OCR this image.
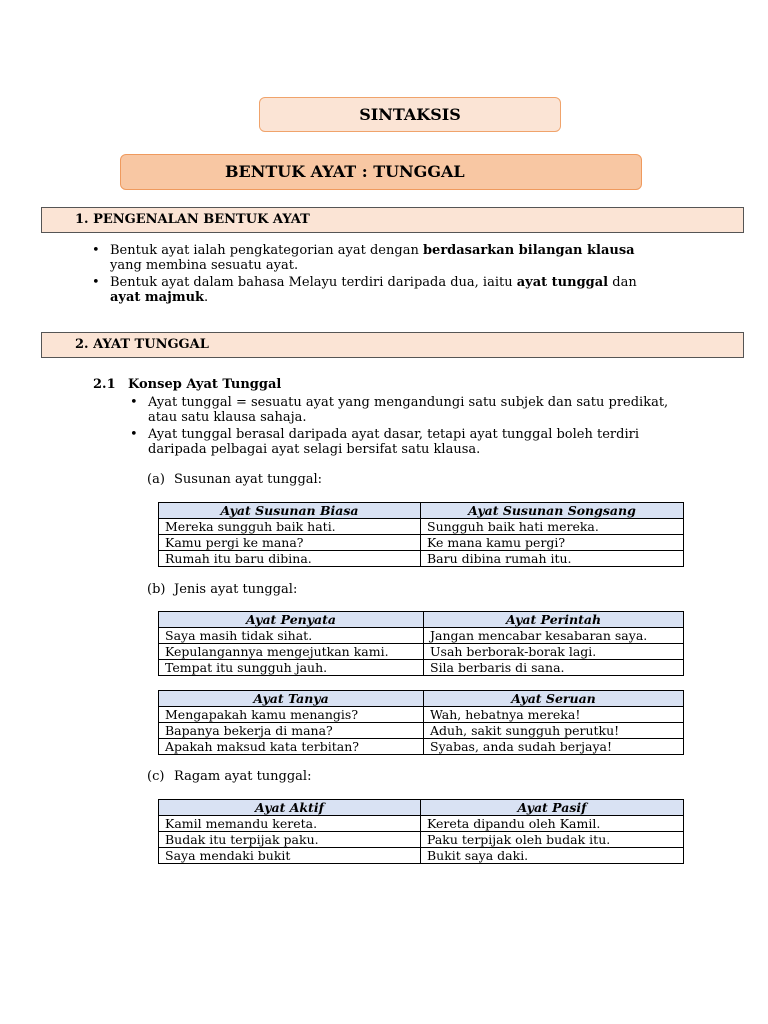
SINTAKSIS
BENTUK AYAT : TUNGGAL
1. PENGENALAN BENTUK AYAT
• Bentuk ayat ialah pengkategorian ayat dengan berdasarkan bilangan klausa yang membina sesuatu ayat.
• Bentuk ayat dalam bahasa Melayu terdiri daripada dua, iaitu ayat tunggal dan ayat majmuk.
2. AYAT TUNGGAL
2.1 Konsep Ayat Tunggal
• Ayat tunggal = sesuatu ayat yang mengandungi satu subjek dan satu predikat, atau satu klausa sahaja.
• Ayat tunggal berasal daripada ayat dasar, tetapi ayat tunggal boleh terdiri daripada pelbagai ayat selagi bersifat satu klausa.
(a) Susunan ayat tunggal:
Ayat Susunan Biasa	Ayat Susunan Songsang
Mereka sungguh baik hati.	Sungguh baik hati mereka.
Kamu pergi ke mana?	Ke mana kamu pergi?
Rumah itu baru dibina.	Baru dibina rumah itu.
(b) Jenis ayat tunggal:
Ayat Penyata	Ayat Perintah
Saya masih tidak sihat.	Jangan mencabar kesabaran saya.
Kepulangannya mengejutkan kami.	Usah berborak-borak lagi.
Tempat itu sungguh jauh.	Sila berbaris di sana.
Ayat Tanya	Ayat Seruan
Mengapakah kamu menangis?	Wah, hebatnya mereka!
Bapanya bekerja di mana?	Aduh, sakit sungguh perutku!
Apakah maksud kata terbitan?	Syabas, anda sudah berjaya!
(c) Ragam ayat tunggal:
Ayat Aktif	Ayat Pasif
Kamil memandu kereta.	Kereta dipandu oleh Kamil.
Budak itu terpijak paku.	Paku terpijak oleh budak itu.
Saya mendaki bukit	Bukit saya daki.
